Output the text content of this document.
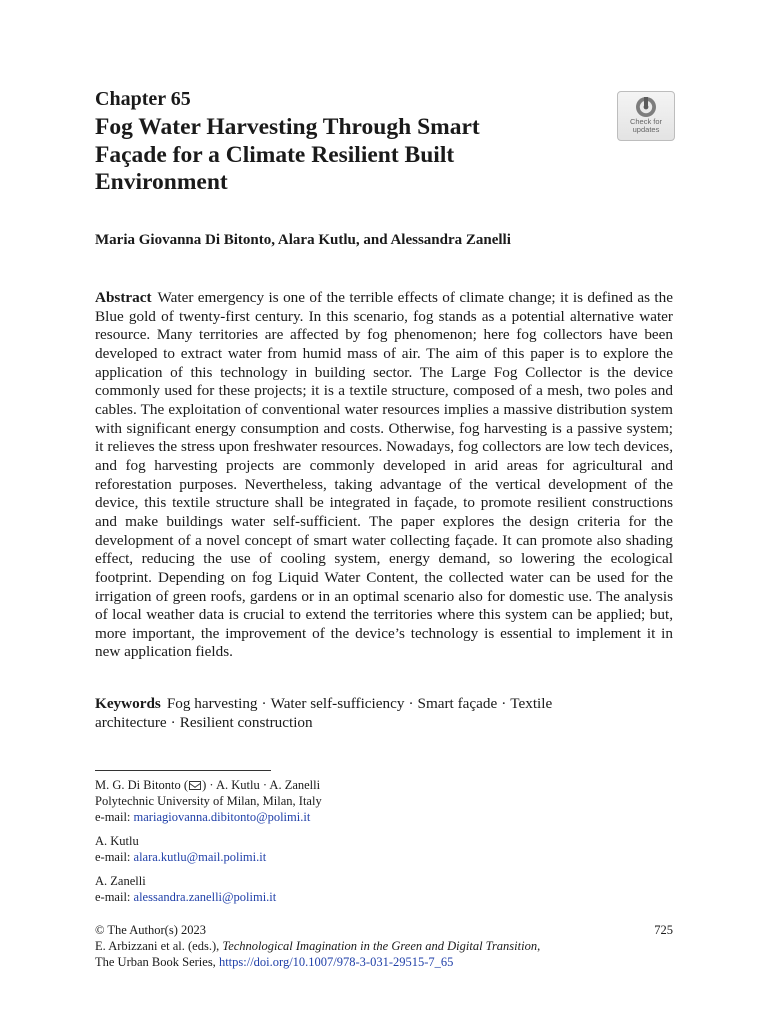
Chapter 65
Fog Water Harvesting Through Smart
Façade for a Climate Resilient Built
Environment
Check for
updates
Maria Giovanna Di Bitonto, Alara Kutlu, and Alessandra Zanelli

Abstract Water emergency is one of the terrible effects of climate change; it is defined as the Blue gold of twenty-first century. In this scenario, fog stands as a potential alternative water resource. Many territories are affected by fog phenomenon; here fog collectors have been developed to extract water from humid mass of air. The aim of this paper is to explore the application of this technology in building sector. The Large Fog Collector is the device commonly used for these projects; it is a textile structure, composed of a mesh, two poles and cables. The exploitation of conventional water resources implies a massive distribution system with significant energy consumption and costs. Otherwise, fog harvesting is a passive system; it relieves the stress upon freshwater resources. Nowadays, fog collectors are low tech devices, and fog harvesting projects are commonly developed in arid areas for agricultural and reforestation purposes. Nevertheless, taking advantage of the vertical development of the device, this textile structure shall be integrated in façade, to promote resilient constructions and make buildings water self-sufficient. The paper explores the design criteria for the development of a novel concept of smart water collecting façade. It can promote also shading effect, reducing the use of cooling system, energy demand, so lowering the ecological footprint. Depending on fog Liquid Water Content, the collected water can be used for the irrigation of green roofs, gardens or in an optimal scenario also for domestic use. The analysis of local weather data is crucial to extend the territories where this system can be applied; but, more important, the improvement of the device’s technology is essential to implement it in new application fields.

Keywords Fog harvesting · Water self-sufficiency · Smart façade · Textile architecture · Resilient construction

M. G. Di Bitonto ( ) · A. Kutlu · A. Zanelli
Polytechnic University of Milan, Milan, Italy
e-mail: mariagiovanna.dibitonto@polimi.it
A. Kutlu
e-mail: alara.kutlu@mail.polimi.it
A. Zanelli
e-mail: alessandra.zanelli@polimi.it
© The Author(s) 2023	725
E. Arbizzani et al. (eds.), Technological Imagination in the Green and Digital Transition,
The Urban Book Series, https://doi.org/10.1007/978-3-031-29515-7_65
